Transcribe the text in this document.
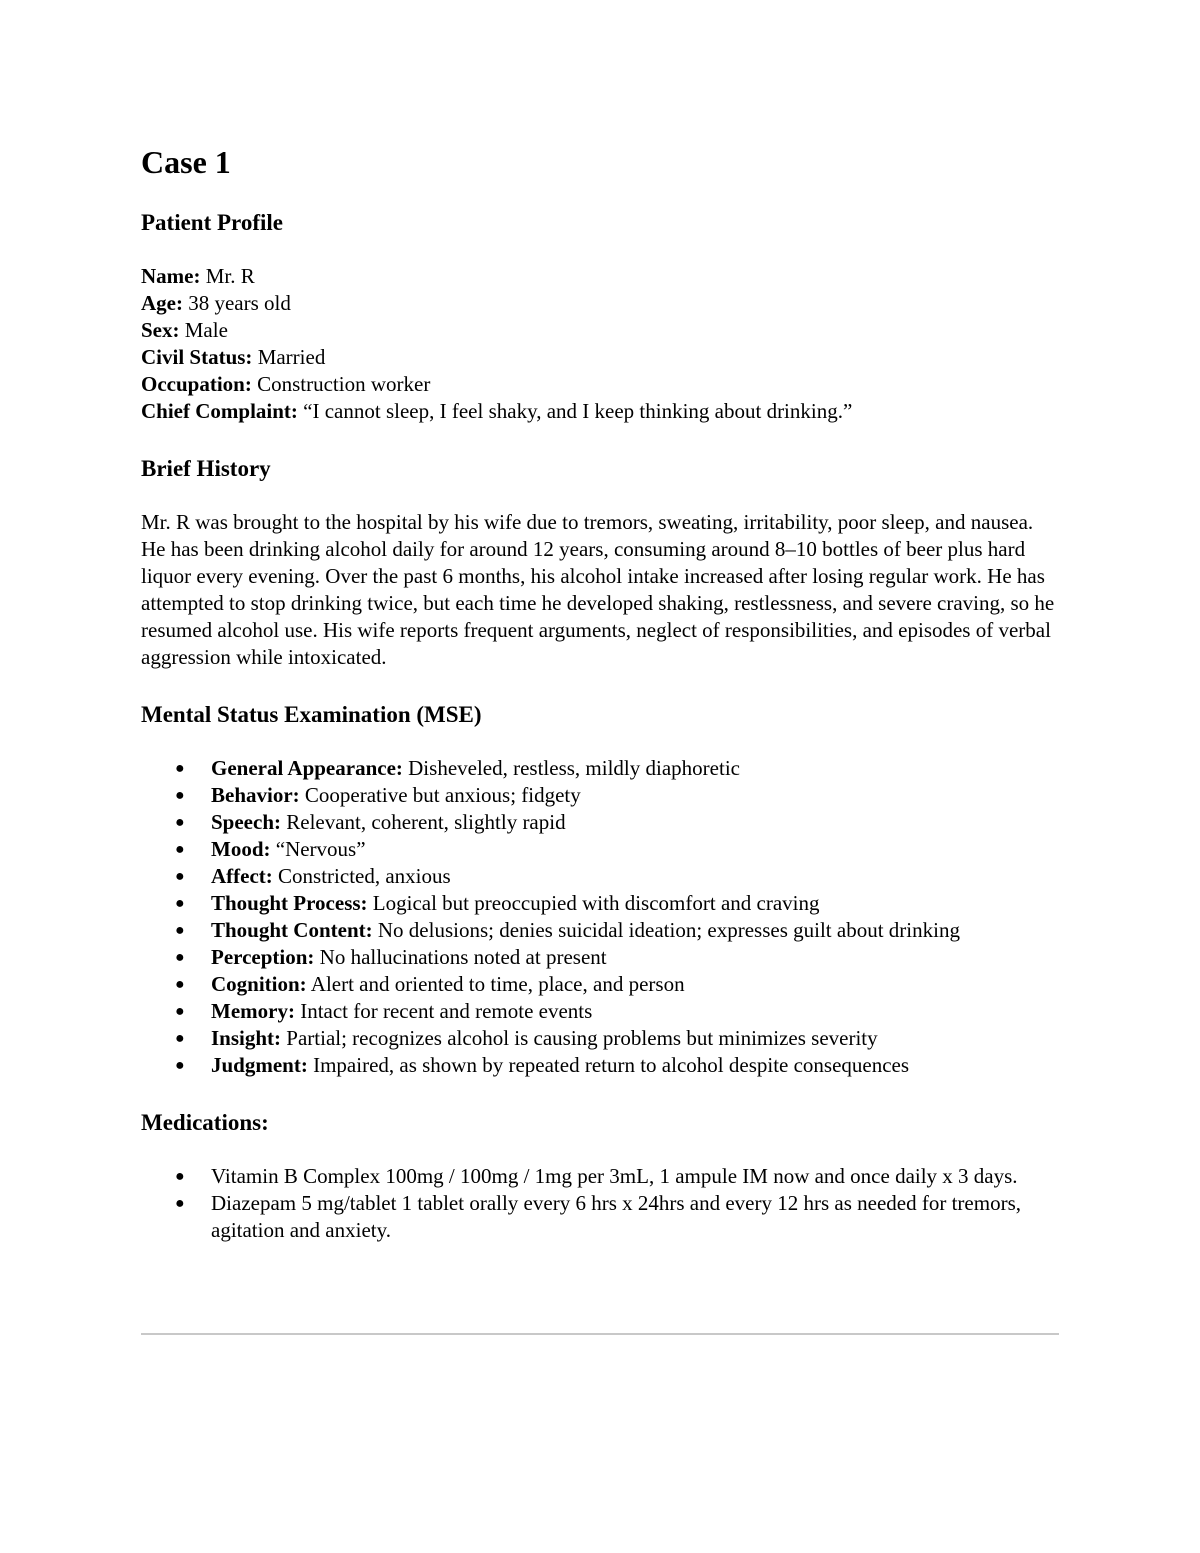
Case 1
Patient Profile
Name: Mr. R
Age: 38 years old
Sex: Male
Civil Status: Married
Occupation: Construction worker
Chief Complaint: “I cannot sleep, I feel shaky, and I keep thinking about drinking.”
Brief History

Mr. R was brought to the hospital by his wife due to tremors, sweating, irritability, poor sleep, and nausea. He has been drinking alcohol daily for around 12 years, consuming around 8–10 bottles of beer plus hard liquor every evening. Over the past 6 months, his alcohol intake increased after losing regular work. He has attempted to stop drinking twice, but each time he developed shaking, restlessness, and severe craving, so he resumed alcohol use. His wife reports frequent arguments, neglect of responsibilities, and episodes of verbal aggression while intoxicated.

Mental Status Examination (MSE)
● General Appearance: Disheveled, restless, mildly diaphoretic
● Behavior: Cooperative but anxious; fidgety
● Speech: Relevant, coherent, slightly rapid
● Mood: “Nervous”
● Affect: Constricted, anxious
● Thought Process: Logical but preoccupied with discomfort and craving
● Thought Content: No delusions; denies suicidal ideation; expresses guilt about drinking
● Perception: No hallucinations noted at present
● Cognition: Alert and oriented to time, place, and person
● Memory: Intact for recent and remote events
● Insight: Partial; recognizes alcohol is causing problems but minimizes severity
● Judgment: Impaired, as shown by repeated return to alcohol despite consequences
Medications:
● Vitamin B Complex 100mg / 100mg / 1mg per 3mL, 1 ampule IM now and once daily x 3 days.
● Diazepam 5 mg/tablet 1 tablet orally every 6 hrs x 24hrs and every 12 hrs as needed for tremors, agitation and anxiety.
